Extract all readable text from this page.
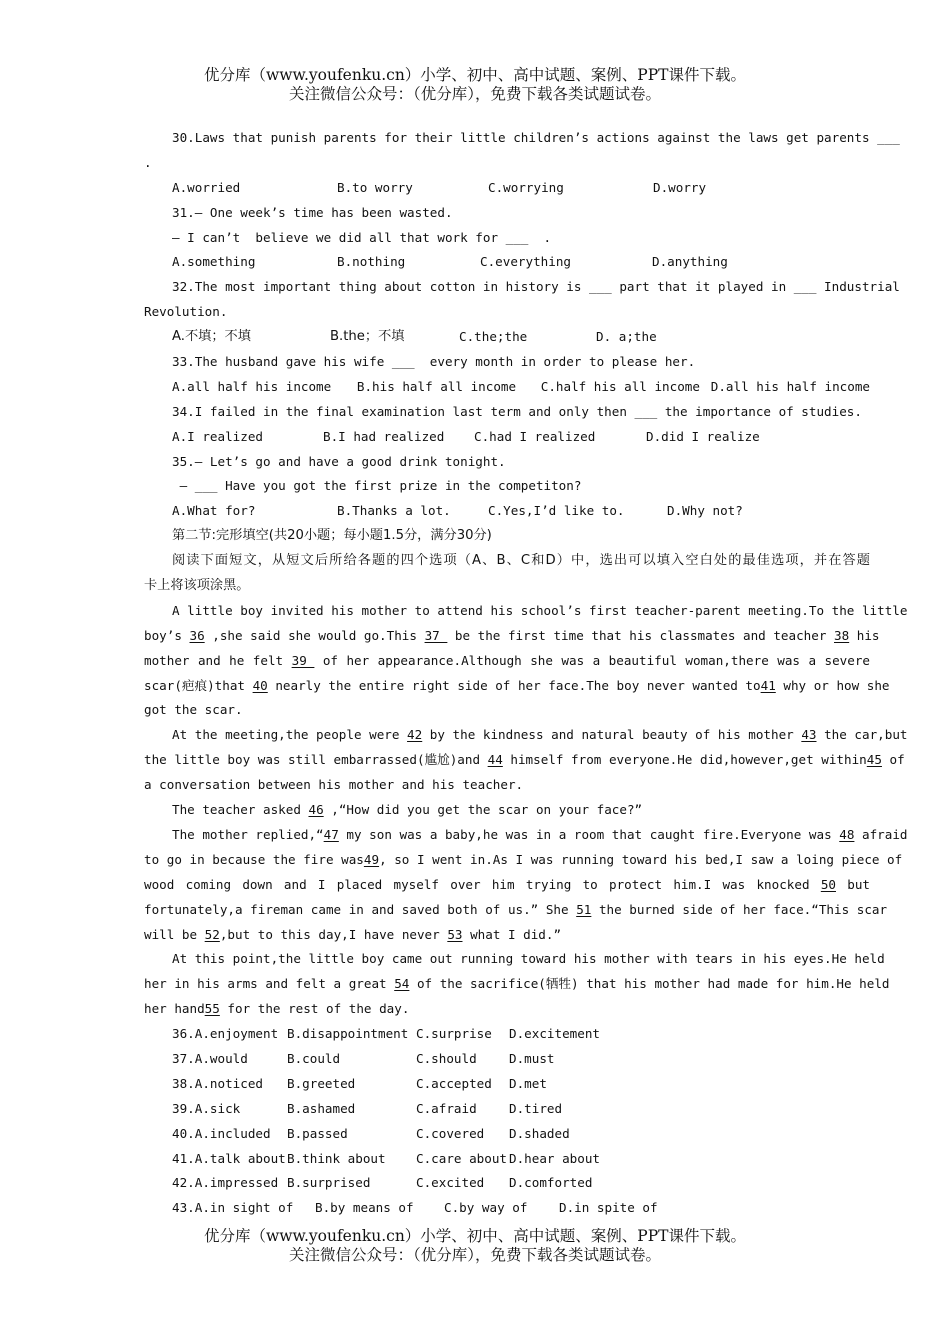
优分库（www.youfenku.cn）小学、初中、高中试题、案例、PPT课件下载。
关注微信公众号：（优分库），免费下载各类试题试卷。
30.Laws that punish parents for their little children’s actions against the laws get parents ___
.
A.worried	B.to worry	C.worrying	D.worry
31.— One week’s time has been wasted.
— I can’t  believe we did all that work for ___  .
A.something	B.nothing	C.everything	D.anything
32.The most important thing about cotton in history is ___ part that it played in ___ Industrial
Revolution.
A.不填；不填	B.the；不填	C.the;the	D. a;the
33.The husband gave his wife ___  every month in order to please her.
A.all half his income	B.his half all income	C.half his all income D.all his half income
34.I failed in the final examination last term and only then ___ the importance of studies.
A.I realized	B.I had realized	C.had I realized	D.did I realize
35.— Let’s go and have a good drink tonight.
— ___ Have you got the first prize in the competiton?
A.What for?	B.Thanks a lot.	C.Yes,I’d like to.	D.Why not?
第二节:完形填空(共20小题；每小题1.5分，满分30分)
阅读下面短文，从短文后所给各题的四个选项（A、B、C和D）中，选出可以填入空白处的最佳选项，并在答题
卡上将该项涂黑。
A little boy invited his mother to attend his school’s first teacher-parent meeting.To the little
boy’s 36 ,she said she would go.This 37_ be the first time that his classmates and teacher 38 his
mother and he felt 39_ of her appearance.Although she was a beautiful woman,there was a severe
scar(疤痕)that 40 nearly the entire right side of her face.The boy never wanted to41 why or how she
got the scar.
At the meeting,the people were 42 by the kindness and natural beauty of his mother 43 the car,but
the little boy was still embarrassed(尴尬)and 44 himself from everyone.He did,however,get within45 of
a conversation between his mother and his teacher.
The teacher asked 46 ,“How did you get the scar on your face?”
The mother replied,“47 my son was a baby,he was in a room that caught fire.Everyone was 48 afraid
to go in because the fire was49, so I went in.As I was running toward his bed,I saw a loing piece of
wood coming down and I placed myself over him trying to protect him.I was knocked 50 but
fortunately,a fireman came in and saved both of us.” She 51 the burned side of her face.“This scar
will be 52,but to this day,I have never 53 what I did.”
At this point,the little boy came out running toward his mother with tears in his eyes.He held
her in his arms and felt a great 54 of the sacrifice(牺牲) that his mother had made for him.He held
her hand55 for the rest of the day.
36.A.enjoyment B.disappointment C.surprise	D.excitement
37.A.would	B.could	C.should	D.must
38.A.noticed	B.greeted	C.accepted	D.met
39.A.sick	B.ashamed	C.afraid	D.tired
40.A.included	B.passed	C.covered	D.shaded
41.A.talk about B.think about	C.care about D.hear about
42.A.impressed B.surprised	C.excited	D.comforted
43.A.in sight of	B.by means of	C.by way of	D.in spite of
优分库（www.youfenku.cn）小学、初中、高中试题、案例、PPT课件下载。
关注微信公众号：（优分库），免费下载各类试题试卷。
